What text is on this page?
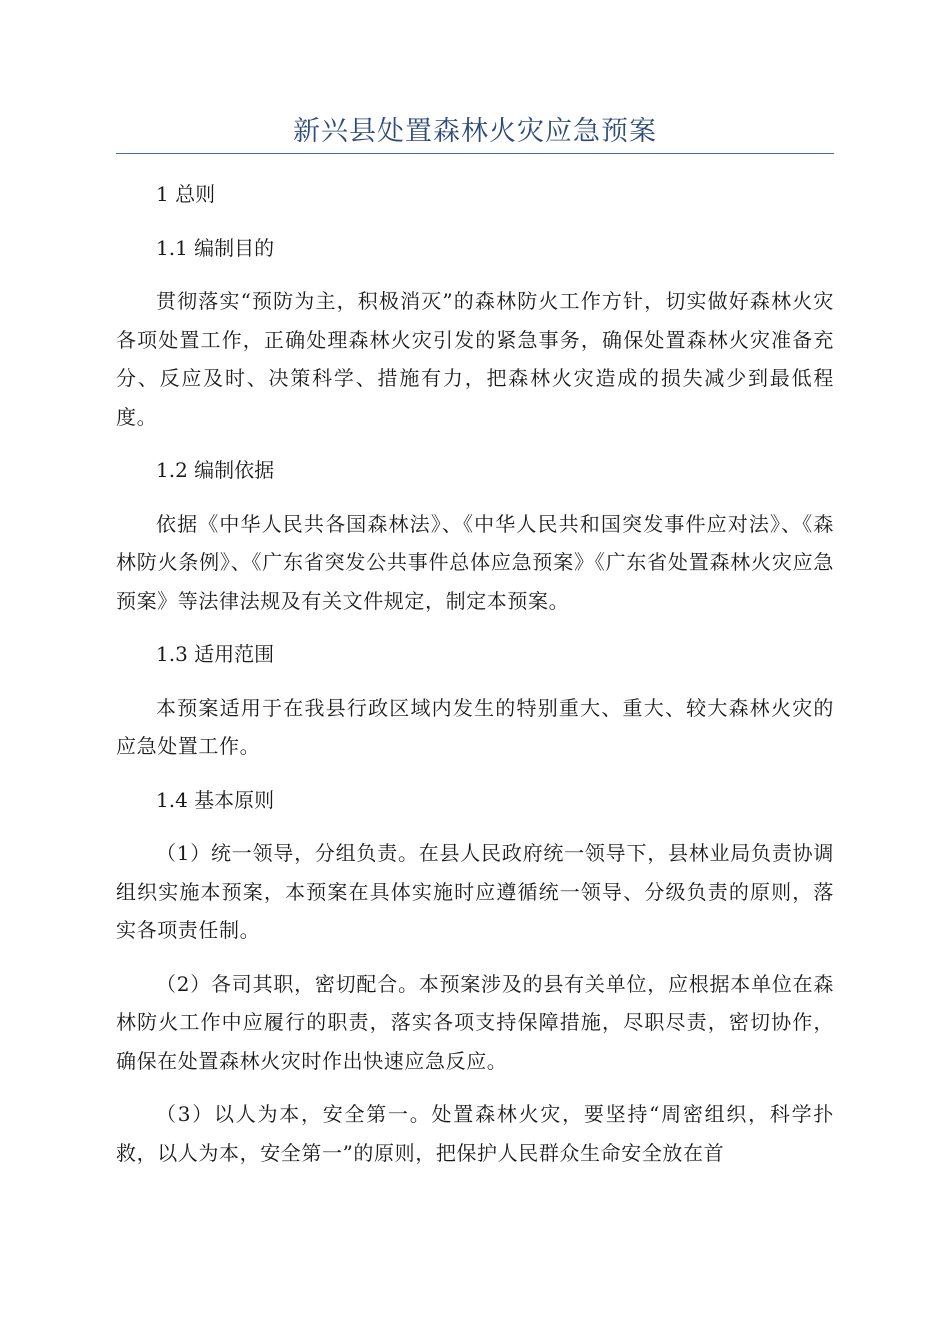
新兴县处置森林火灾应急预案

1 总则

1.1 编制目的

贯彻落实“预防为主，积极消灭”的森林防火工作方针，切实做好森林火灾各项处置工作，正确处理森林火灾引发的紧急事务，确保处置森林火灾准备充分、反应及时、决策科学、措施有力，把森林火灾造成的损失减少到最低程度。

1.2 编制依据

依据《中华人民共各国森林法》、《中华人民共和国突发事件应对法》、《森林防火条例》、《广东省突发公共事件总体应急预案》《广东省处置森林火灾应急预案》等法律法规及有关文件规定，制定本预案。

1.3 适用范围

本预案适用于在我县行政区域内发生的特别重大、重大、较大森林火灾的应急处置工作。

1.4 基本原则

（1）统一领导，分组负责。在县人民政府统一领导下，县林业局负责协调组织实施本预案，本预案在具体实施时应遵循统一领导、分级负责的原则，落实各项责任制。

（2）各司其职，密切配合。本预案涉及的县有关单位，应根据本单位在森林防火工作中应履行的职责，落实各项支持保障措施，尽职尽责，密切协作，确保在处置森林火灾时作出快速应急反应。

（3）以人为本，安全第一。处置森林火灾，要坚持“周密组织，科学扑救，以人为本，安全第一”的原则，把保护人民群众生命安全放在首
